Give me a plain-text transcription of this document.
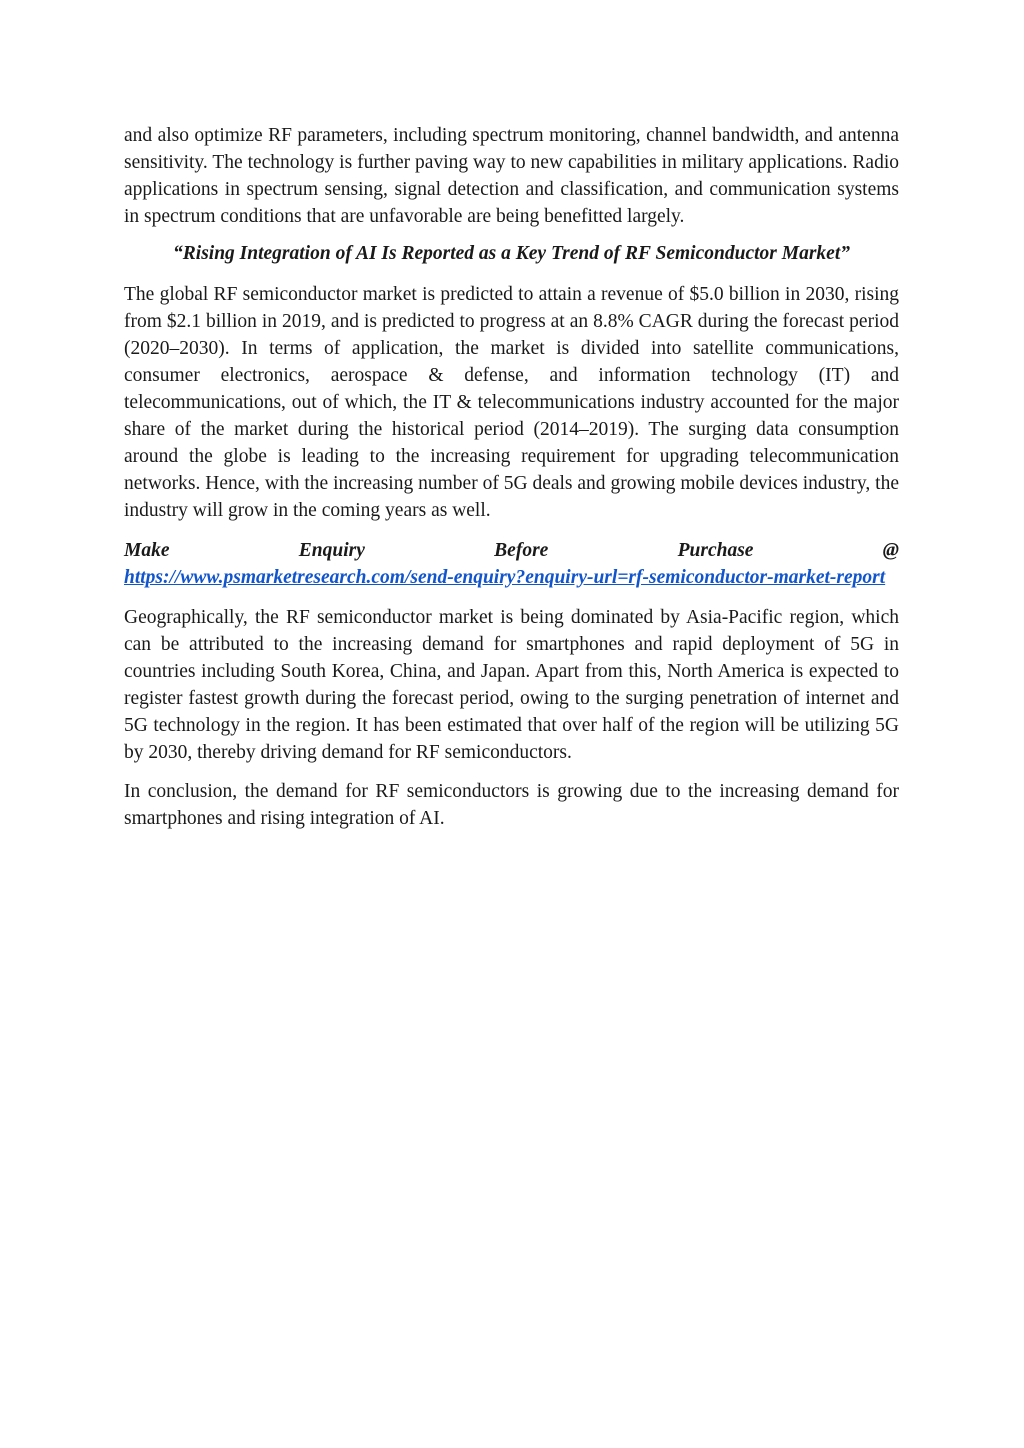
and also optimize RF parameters, including spectrum monitoring, channel bandwidth, and antenna sensitivity. The technology is further paving way to new capabilities in military applications. Radio applications in spectrum sensing, signal detection and classification, and communication systems in spectrum conditions that are unfavorable are being benefitted largely.

“Rising Integration of AI Is Reported as a Key Trend of RF Semiconductor Market”

The global RF semiconductor market is predicted to attain a revenue of $5.0 billion in 2030, rising from $2.1 billion in 2019, and is predicted to progress at an 8.8% CAGR during the forecast period (2020–2030). In terms of application, the market is divided into satellite communications, consumer electronics, aerospace & defense, and information technology (IT) and telecommunications, out of which, the IT & telecommunications industry accounted for the major share of the market during the historical period (2014–2019). The surging data consumption around the globe is leading to the increasing requirement for upgrading telecommunication networks. Hence, with the increasing number of 5G deals and growing mobile devices industry, the industry will grow in the coming years as well.

Make	Enquiry	Before	Purchase	@

https://www.psmarketresearch.com/send-enquiry?enquiry-url=rf-semiconductor-market-report

Geographically, the RF semiconductor market is being dominated by Asia-Pacific region, which can be attributed to the increasing demand for smartphones and rapid deployment of 5G in countries including South Korea, China, and Japan. Apart from this, North America is expected to register fastest growth during the forecast period, owing to the surging penetration of internet and 5G technology in the region. It has been estimated that over half of the region will be utilizing 5G by 2030, thereby driving demand for RF semiconductors.

In conclusion, the demand for RF semiconductors is growing due to the increasing demand for smartphones and rising integration of AI.
